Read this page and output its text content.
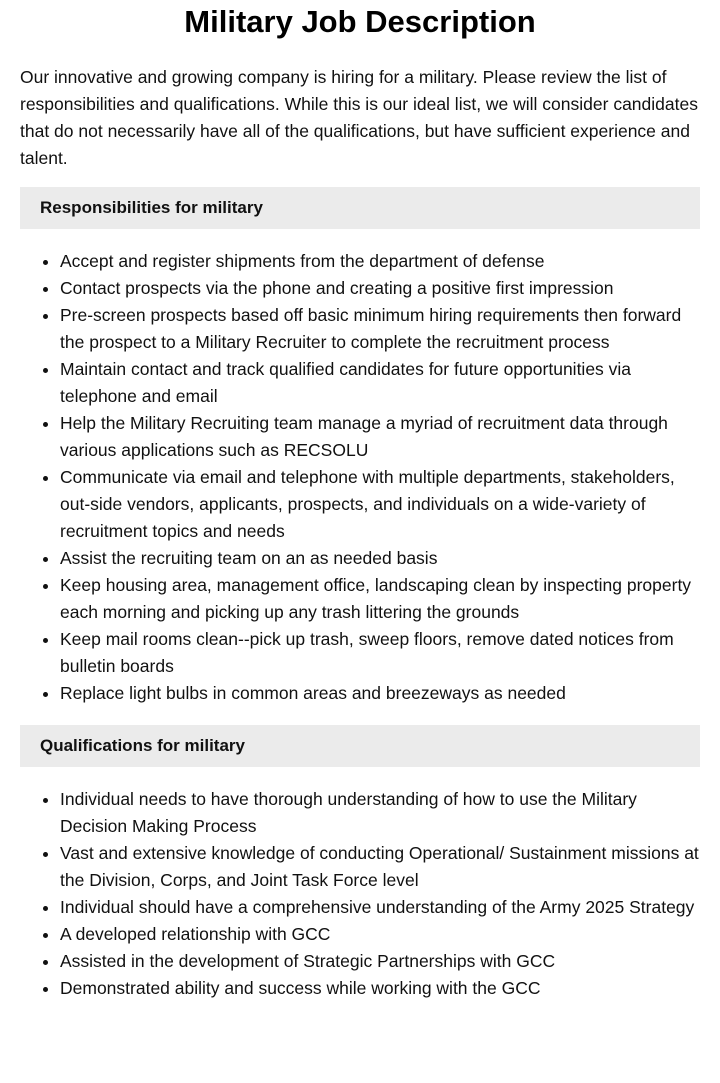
Military Job Description

Our innovative and growing company is hiring for a military. Please review the list of responsibilities and qualifications. While this is our ideal list, we will consider candidates that do not necessarily have all of the qualifications, but have sufficient experience and talent.

Responsibilities for military
• Accept and register shipments from the department of defense
• Contact prospects via the phone and creating a positive first impression
• Pre-screen prospects based off basic minimum hiring requirements then forward the prospect to a Military Recruiter to complete the recruitment process
• Maintain contact and track qualified candidates for future opportunities via telephone and email
• Help the Military Recruiting team manage a myriad of recruitment data through various applications such as RECSOLU
• Communicate via email and telephone with multiple departments, stakeholders, out-side vendors, applicants, prospects, and individuals on a wide-variety of recruitment topics and needs
• Assist the recruiting team on an as needed basis
• Keep housing area, management office, landscaping clean by inspecting property each morning and picking up any trash littering the grounds
• Keep mail rooms clean--pick up trash, sweep floors, remove dated notices from bulletin boards
• Replace light bulbs in common areas and breezeways as needed
Qualifications for military
• Individual needs to have thorough understanding of how to use the Military Decision Making Process
• Vast and extensive knowledge of conducting Operational/ Sustainment missions at the Division, Corps, and Joint Task Force level
• Individual should have a comprehensive understanding of the Army 2025 Strategy
• A developed relationship with GCC
• Assisted in the development of Strategic Partnerships with GCC
• Demonstrated ability and success while working with the GCC
